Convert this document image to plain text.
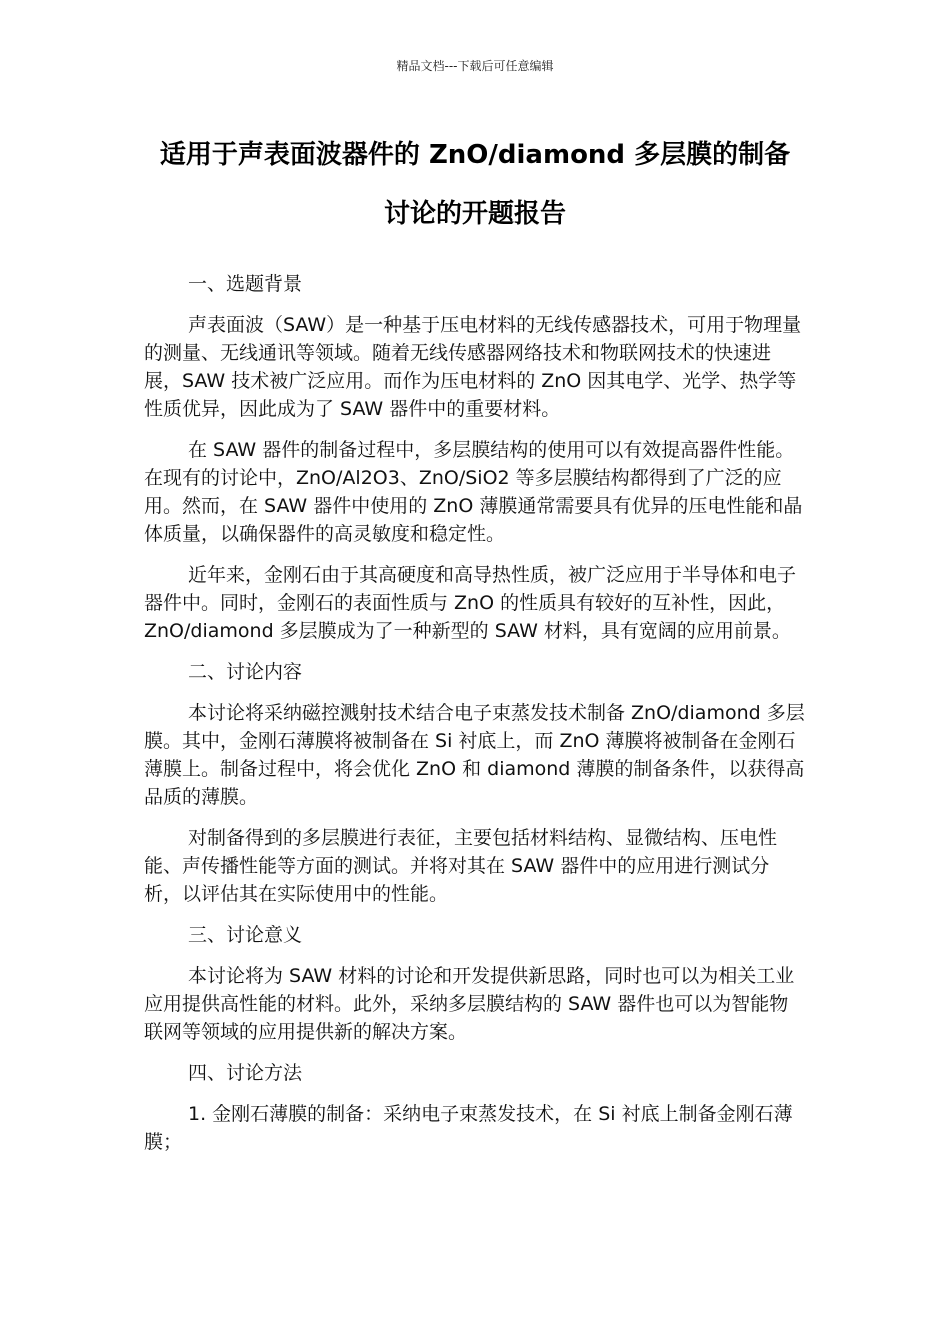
精品文档---下载后可任意编辑
适用于声表面波器件的 ZnO/diamond 多层膜的制备
讨论的开题报告

一、选题背景

声表面波（SAW）是一种基于压电材料的无线传感器技术，可用于物理量的测量、无线通讯等领域。随着无线传感器网络技术和物联网技术的快速进展，SAW 技术被广泛应用。而作为压电材料的 ZnO 因其电学、光学、热学等性质优异，因此成为了 SAW 器件中的重要材料。

在 SAW 器件的制备过程中，多层膜结构的使用可以有效提高器件性能。在现有的讨论中，ZnO/Al2O3、ZnO/SiO2 等多层膜结构都得到了广泛的应用。然而，在 SAW 器件中使用的 ZnO 薄膜通常需要具有优异的压电性能和晶体质量，以确保器件的高灵敏度和稳定性。

近年来，金刚石由于其高硬度和高导热性质，被广泛应用于半导体和电子器件中。同时，金刚石的表面性质与 ZnO 的性质具有较好的互补性，因此，ZnO/diamond 多层膜成为了一种新型的 SAW 材料，具有宽阔的应用前景。

二、讨论内容

本讨论将采纳磁控溅射技术结合电子束蒸发技术制备 ZnO/diamond 多层膜。其中，金刚石薄膜将被制备在 Si 衬底上，而 ZnO 薄膜将被制备在金刚石薄膜上。制备过程中，将会优化 ZnO 和 diamond 薄膜的制备条件，以获得高品质的薄膜。

对制备得到的多层膜进行表征，主要包括材料结构、显微结构、压电性能、声传播性能等方面的测试。并将对其在 SAW 器件中的应用进行测试分析，以评估其在实际使用中的性能。

三、讨论意义

本讨论将为 SAW 材料的讨论和开发提供新思路，同时也可以为相关工业应用提供高性能的材料。此外，采纳多层膜结构的 SAW 器件也可以为智能物联网等领域的应用提供新的解决方案。

四、讨论方法

1. 金刚石薄膜的制备：采纳电子束蒸发技术，在 Si 衬底上制备金刚石薄膜；
